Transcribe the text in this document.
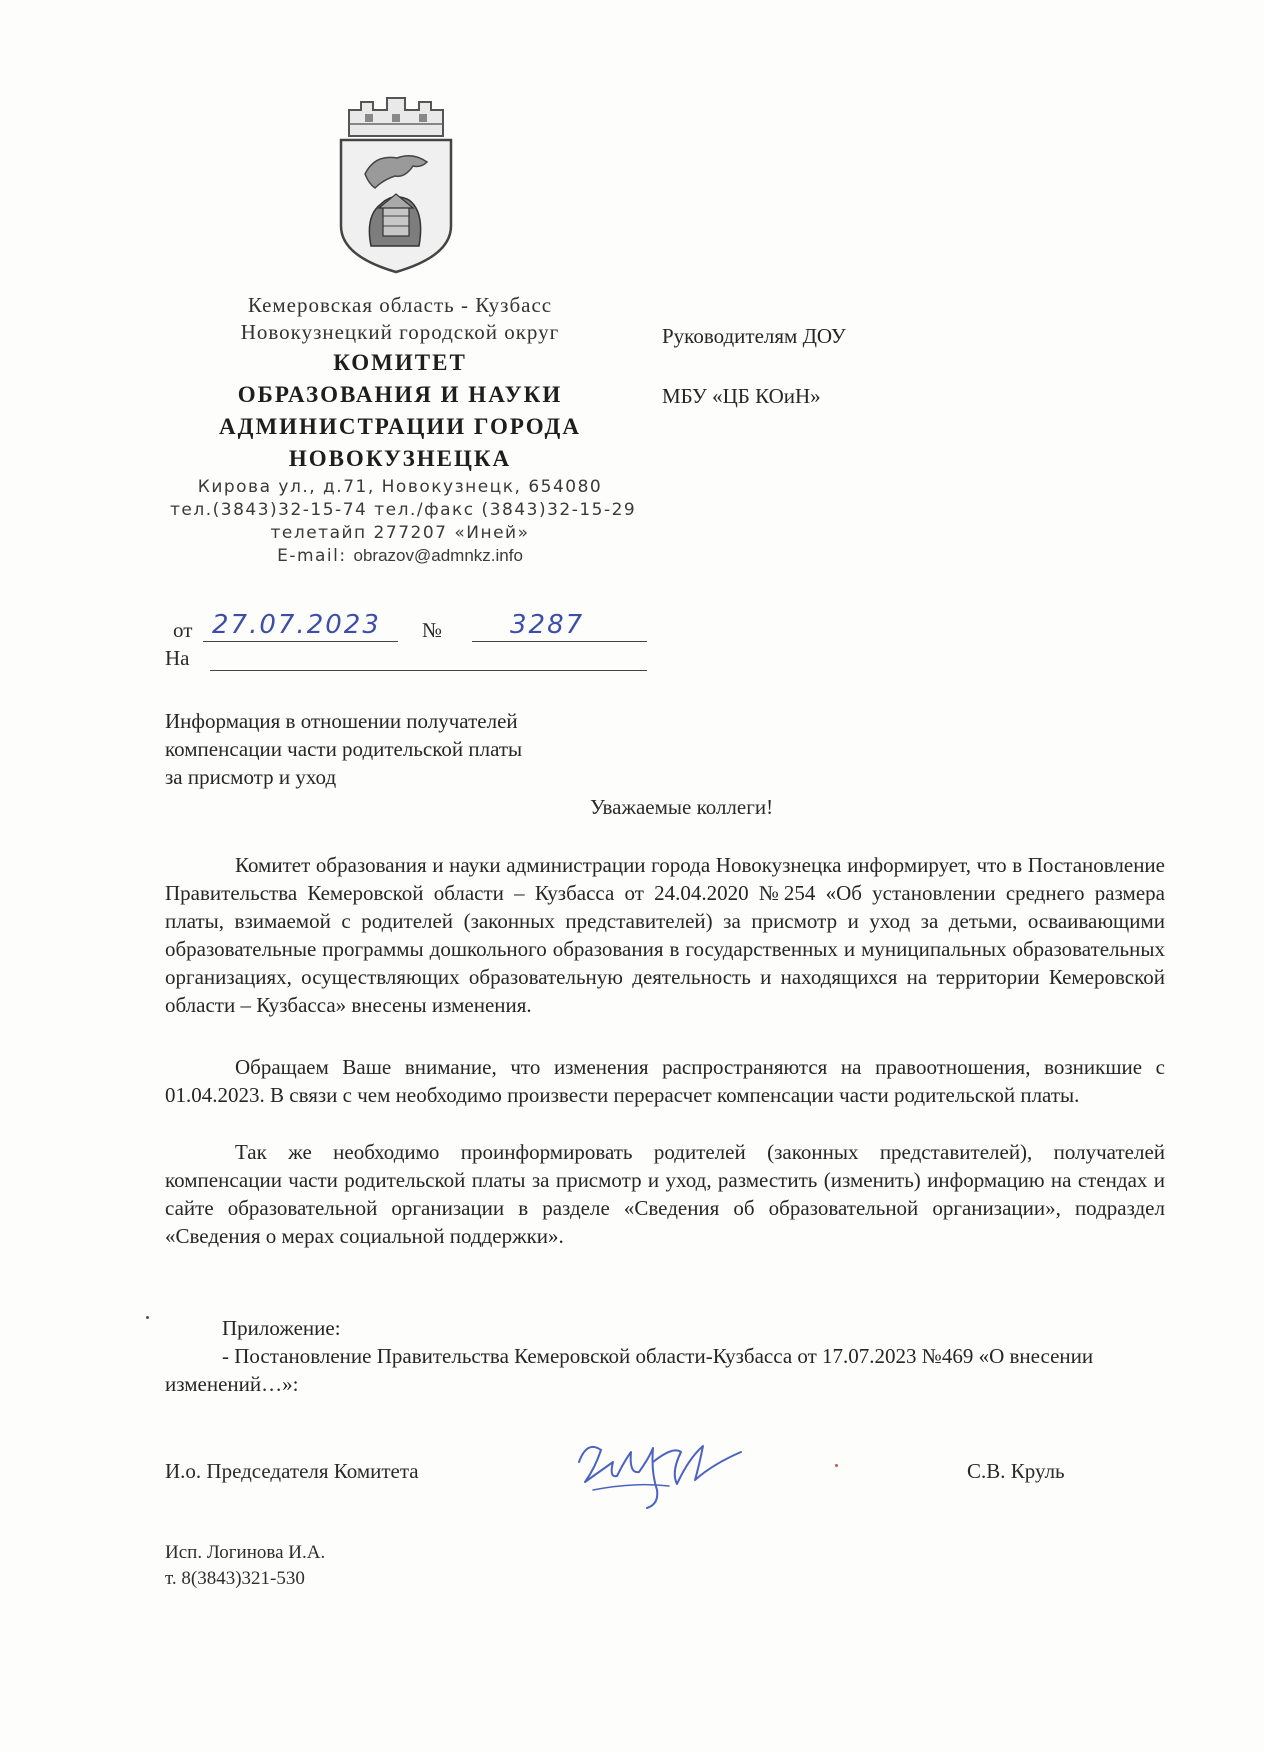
Кемеровская область - Кузбасс
Новокузнецкий городской округ
КОМИТЕТ
ОБРАЗОВАНИЯ И НАУКИ
АДМИНИСТРАЦИИ ГОРОДА
НОВОКУЗНЕЦКА
Кирова ул., д.71, Новокузнецк, 654080
тел.(3843)32-15-74 тел./факс (3843)32-15-29
телетайп 277207 «Иней»
E-mail: obrazov@admnkz.info
Руководителям ДОУ
МБУ «ЦБ КОиН»
от 27.07.2023 №	3287
На
Информация в отношении получателей
компенсации части родительской платы
за присмотр и уход
Уважаемые коллеги!

Комитет образования и науки администрации города Новокузнецка информирует, что в Постановление Правительства Кемеровской области – Кузбасса от 24.04.2020 №254 «Об установлении среднего размера платы, взимаемой с родителей (законных представителей) за присмотр и уход за детьми, осваивающими образовательные программы дошкольного образования в государственных и муниципальных образовательных организациях, осуществляющих образовательную деятельность и находящихся на территории Кемеровской области – Кузбасса» внесены изменения.

Обращаем Ваше внимание, что изменения распространяются на правоотношения, возникшие с 01.04.2023. В связи с чем необходимо произвести перерасчет компенсации части родительской платы.

Так же необходимо проинформировать родителей (законных представителей), получателей компенсации части родительской платы за присмотр и уход, разместить (изменить) информацию на стендах и сайте образовательной организации в разделе «Сведения об образовательной организации», подраздел «Сведения о мерах социальной поддержки».

Приложение:
- Постановление Правительства Кемеровской области-Кузбасса от 17.07.2023 №469 «О внесении изменений…»:
И.о. Председателя Комитета	С.В. Круль
Исп. Логинова И.А.
т. 8(3843)321-530
